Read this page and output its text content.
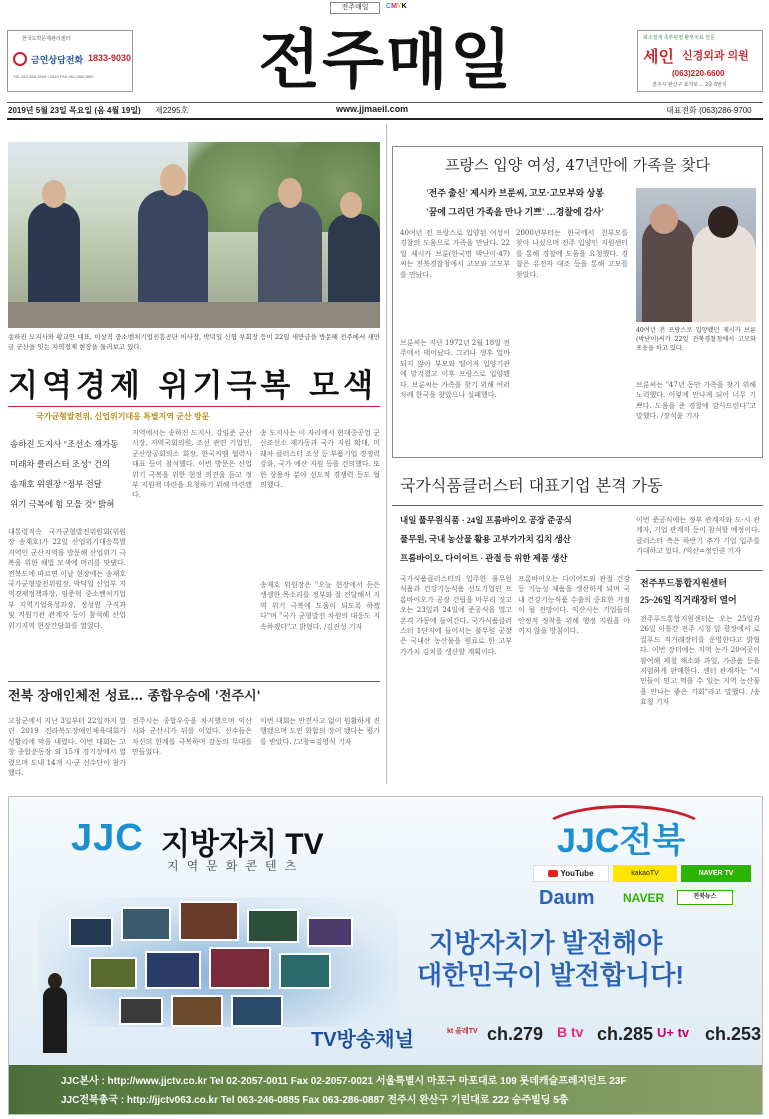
전주매일	CMYK
한국도박문제관리센터
금연상담전화 1833-9030
TEL 062-958-0909 • 2610 FAX 062-958-0809	전주매일	최소절개 족부관절 환부치료 전문
세인 신경외과 의원
(063)220-6600
전주시 완산구 효자로 ... 2층 6번지
2019년 5월 23일 목요일 (음 4월 19일) 제2295호	www.jjmaeil.com	대표전화 (063)286-9700
송하진 도지사와 황교안 대표, 이상직 중소벤처기업진흥공단 이사장, 박덕일 신협 부회장 등이 22일 새만금을 방문해 전주에서 새만금 군산을 잇는 지역경제 현장을 둘러보고 있다.
지역경제 위기극복 모색
국가균형발전위, 신업위기대응 특별지역 군산 방문
송하진 도지사 "조선소 재가동
미래차 클러스터 조성" 건의
송재호 위원장 "정부 전달
위기 극복에 힘 모을 것" 밝혀
대통령직속 국가균형발전위원회(위원장 송재호)가 22일 산업위기대응특별지역인 군산지역을 방문해 산업위기 극복을 위한 해법 모색에 머리를 맞댔다. 전북도에 따르면 이날 현장에는 송재호 국가균형발전위원장, 박덕일 산업부 지역경제정책과장, 임준혁 중소벤처기업부 지역기업육성과장, 정성원 구직과 및 지원기관 관계자 등이 참석해 산업위기지역 현장간담회를 열었다.
지역에서는 송하진 도지사, 강임준 군산시장, 지역국회의원, 조선 관련 기업인, 군산상공회의소 회장, 한국지엠 협력사 대표 등이 참석했다. 이번 방문은 산업위기 극복을 위한 현장 의견을 듣고 정부 지원책 마련을 요청하기 위해 마련됐다.
송 도지사는 이 자리에서 현대중공업 군산조선소 재가동과 국가 지원 확대, 미래차 클러스터 조성 등 부품기업 경쟁력 강화, 국가 예산 지원 등을 건의했다. 또한 상용차 분야 선도적 경쟁력 등도 협의했다.
송재호 위원장은 "오늘 현장에서 듣은 생생한 목소리를 정부와 잘 전달해서 지역 위기 극복에 도움이 되도록 하겠다"며 "국가 균형발전 차원의 대응도 지속하겠다"고 밝혔다. /김진성 기자
전북 장애인체전 성료… 종합우승에 '전주시'
고창군에서 지난 3일부터 22일까지 열린 2019 전라북도장애인체육대회가 성황리에 막을 내렸다. 이번 대회는 고창 종합운동장 외 15개 경기장에서 열렸으며 도내 14개 시·군 선수단이 참가했다.
전주시는 종합우승을 차지했으며 익산시와 군산시가 뒤를 이었다. 선수들은 자신의 한계를 극복하며 감동의 무대를 만들었다.
이번 대회는 안전사고 없이 원활하게 진행됐으며 도민 화합의 장이 됐다는 평가를 받았다. /고창=김영식 기자
프랑스 입양 여성, 47년만에 가족을 찾다
'전주 출신' 제시카 브룬씨, 고모·고모부와 상봉
'꿈에 그리던 가족을 만나 기쁘' …경찰에 감사'
40여년 전 프랑스로 입양된 여성이 경찰의 도움으로 가족을 만났다. 22일 제시카 브룬(한국명 박난이·47)씨는 전북경찰청에서 고모와 고모부를 만났다.
브룬씨는 지난 1972년 2월 18일 전주에서 태어났다. 그러나 생후 얼마 되지 않아 부모와 떨어져 입양기관에 맡겨졌고 이후 프랑스로 입양됐다. 브룬씨는 가족을 찾기 위해 여러 차례 한국을 찾았으나 실패했다.
2000년부터는 한국에서 친부모를 찾아 나섰으며 전주 입양인 지원센터를 통해 경찰에 도움을 요청했다. 경찰은 유전자 대조 등을 통해 고모를 찾았다.
40여년 전 프랑스로 입양됐던 제시카 브룬(박난이)씨가 22일 전북경찰청에서 고모와 포옹을 하고 있다.
브룬씨는 "47년 동안 가족을 찾기 위해 노력했다. 이렇게 만나게 되어 너무 기쁘다. 도움을 준 경찰에 감사드린다"고 말했다. /장석윤 기자
국가식품클러스터 대표기업 본격 가동
내일 풀무원식품 · 24일 프롬바이오 공장 준공식
풀무원, 국내 농산물 활용 고부가가치 김치 생산
프롬바이오, 다이어트 · 관절 등 위한 제품 생산
국가식품클러스터의 입주한 풀무원식품과 건강기능식품 선도기업인 프롬바이오가 공장 건립을 마무리 짓고 오는 23일과 24일에 준공식을 열고 본격 가동에 들어간다. 국가식품클러스터 1단지에 들어서는 풀무원 공장은 국내산 농산물을 원료로 한 고부가가치 김치를 생산할 계획이다.
프롬바이오는 다이어트와 관절 건강 등 기능성 제품을 생산하게 되며 국내 건강기능식품 수출의 중요한 거점이 될 전망이다. 익산시는 기업들의 안정적 정착을 위해 행정 지원을 아끼지 않을 방침이다.
이번 준공식에는 정부 관계자와 도·시 관계자, 기업 관계자 등이 참석할 예정이다. 클러스터 측은 하반기 추가 기업 입주를 기대하고 있다. /익산=정인권 기자
전주푸드통합지원센터
25~26일 직거래장터 열어
전주푸드통합지원센터는 오는 25일과 26일 이틀간 전주 시청 앞 광장에서 로컬푸드 직거래장터를 운영한다고 밝혔다. 이번 장터에는 지역 농가 20여곳이 참여해 제철 채소와 과일, 가공품 등을 저렴하게 판매한다. 센터 관계자는 "시민들이 믿고 먹을 수 있는 지역 농산물을 만나는 좋은 기회"라고 말했다. /송효철 기자
JJC 지방자치 TV
지역문화콘텐츠
JJC전북
YouTube	kakaoTV	NAVER TV
Daum NAVER	전북뉴스
지방자치가 발전해야
대한민국이 발전합니다!
TV방송채널	kt 올레TV ch.279 B tv ch.285 U+ tv ch.253
JJC본사 : http://www.jjctv.co.kr Tel 02-2057-0011 Fax 02-2057-0021 서울특별시 마포구 마포대로 109 롯데캐슬프레지던트 23F
JJC전북총국 : http://jjctv063.co.kr Tel 063-246-0885 Fax 063-286-0887 전주시 완산구 기린대로 222 승주빌딩 5층
